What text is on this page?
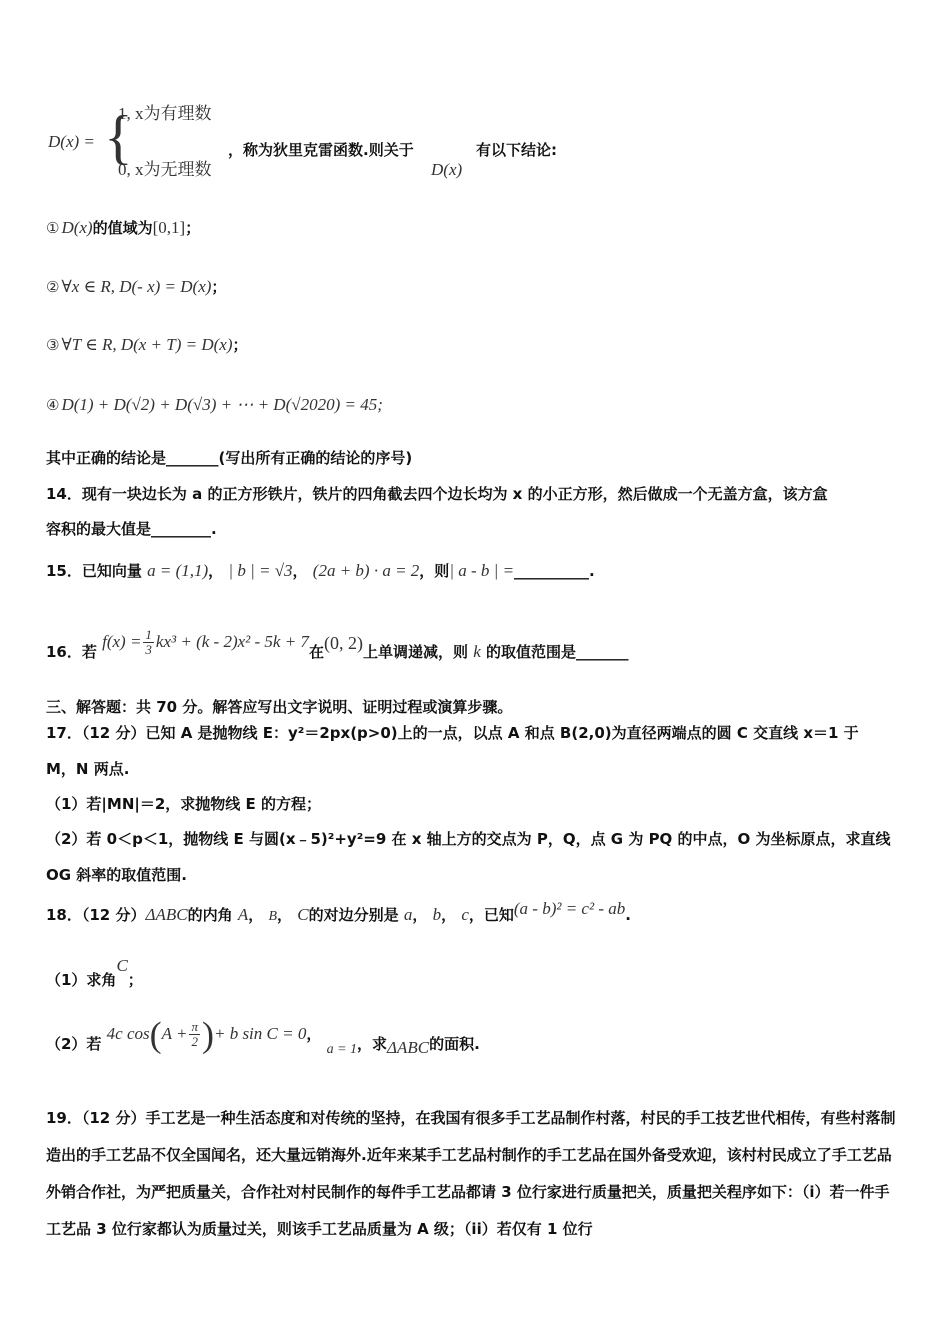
D(x) = {
1, x为有理数
0, x为无理数
，称为狄里克雷函数.则关于
D(x)
有以下结论:
① D(x)的值域为[0,1]；
② ∀x ∈ R, D(- x) = D(x)；
③ ∀T ∈ R, D(x + T) = D(x)；
④ D(1) + D(√2) + D(√3) + ⋯ + D(√2020) = 45;
其中正确的结论是_______(写出所有正确的结论的序号)
14．现有一块边长为 a 的正方形铁片，铁片的四角截去四个边长均为 x 的小正方形，然后做成一个无盖方盒，该方盒
容积的最大值是________.
15．已知向量 a = (1,1)， | b | = √3， (2a + b) · a = 2，则| a - b | =__________.
16．若 $f(x) = \frac{1}{3} kx^3 + (k - 2)x^2 - 5k + 7$在(0, 2)上单调递减，则 k 的取值范围是_______
三、解答题：共 70 分。解答应写出文字说明、证明过程或演算步骤。
17．（12 分）已知 A 是抛物线 E：y²＝2px(p>0)上的一点，以点 A 和点 B(2,0)为直径两端点的圆 C 交直线 x＝1 于
M，N 两点.
（1）若|MN|＝2，求抛物线 E 的方程；
（2）若 0＜p＜1，抛物线 E 与圆(x﹣5)²+y²=9 在 x 轴上方的交点为 P，Q，点 G 为 PQ 的中点，O 为坐标原点，求直线
OG 斜率的取值范围.
18．（12 分）ΔABC的内角 A， B， C的对边分别是 a， b， c，已知(a - b)² = c² - ab.
（1）求角C；
（2）若 4c $\cos(A + \frac{\pi}{2}$ )+ b sin C = 0， a = 1，求ΔABC的面积.
19．（12 分）手工艺是一种生活态度和对传统的坚持，在我国有很多手工艺品制作村落，村民的手工技艺世代相传，有些村落制造出的手工艺品不仅全国闻名，还大量远销海外.近年来某手工艺品村制作的手工艺品在国外备受欢迎，该村村民成立了手工艺品外销合作社，为严把质量关，合作社对村民制作的每件手工艺品都请 3 位行家进行质量把关，质量把关程序如下：（i）若一件手工艺品 3 位行家都认为质量过关，则该手工艺品质量为 A 级；（ii）若仅有 1 位行
